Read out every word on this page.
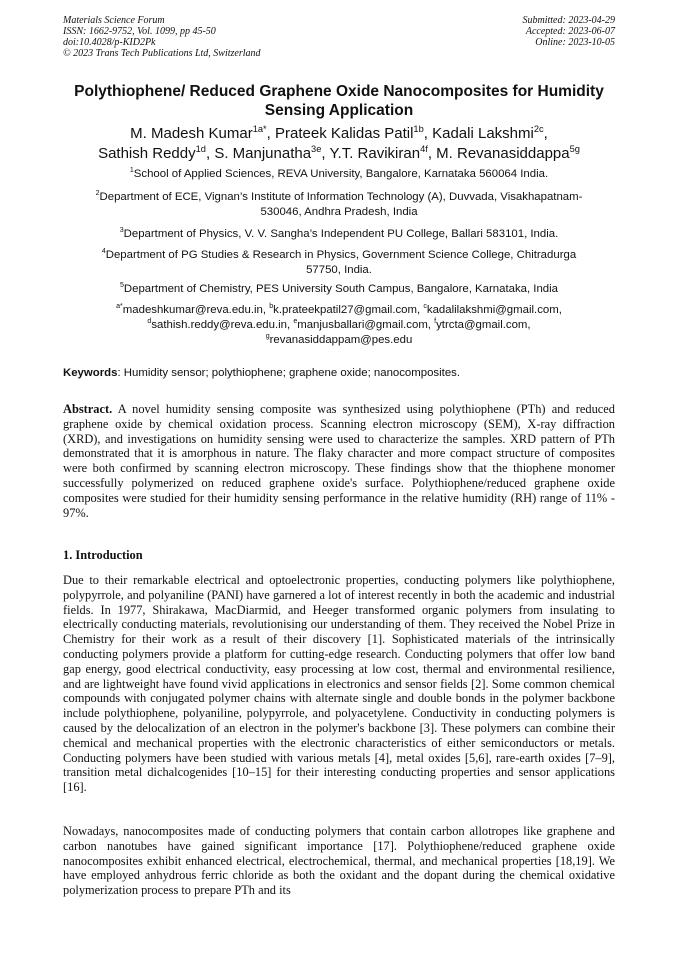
Materials Science Forum
ISSN: 1662-9752, Vol. 1099, pp 45-50
doi:10.4028/p-KID2Pk
© 2023 Trans Tech Publications Ltd, Switzerland
Submitted: 2023-04-29
Accepted: 2023-06-07
Online: 2023-10-05
Polythiophene/ Reduced Graphene Oxide Nanocomposites for Humidity
Sensing Application
M. Madesh Kumar$^{1a*}$, Prateek Kalidas Patil$^{1b}$, Kadali Lakshmi$^{2c}$,
Sathish Reddy$^{1d}$, S. Manjunatha$^{3e}$, Y.T. Ravikiran$^{4f}$, M. Revanasiddappa$^{5g}$
$^1$School of Applied Sciences, REVA University, Bangalore, Karnataka 560064 India.
$^2$Department of ECE, Vignan’s Institute of Information Technology (A), Duvvada, Visakhapatnam-
530046, Andhra Pradesh, India
$^3$Department of Physics, V. V. Sangha’s Independent PU College, Ballari 583101, India.
$^4$Department of PG Studies & Research in Physics, Government Science College, Chitradurga
57750, India.
$^5$Department of Chemistry, PES University South Campus, Bangalore, Karnataka, India
$^{a*}$madeshkumar@reva.edu.in, $^b$k.prateekpatil27@gmail.com, $^c$kadalilakshmi@gmail.com,
$^d$sathish.reddy@reva.edu.in, $^e$manjusballari@gmail.com, $^f$ytrcta@gmail.com,
$^g$revanasiddappam@pes.edu
Keywords: Humidity sensor; polythiophene; graphene oxide; nanocomposites.
Abstract. A novel humidity sensing composite was synthesized using polythiophene (PTh) and reduced graphene oxide by chemical oxidation process. Scanning electron microscopy (SEM), X-ray diffraction (XRD), and investigations on humidity sensing were used to characterize the samples. XRD pattern of PTh demonstrated that it is amorphous in nature. The flaky character and more compact structure of composites were both confirmed by scanning electron microscopy. These findings show that the thiophene monomer successfully polymerized on reduced graphene oxide's surface. Polythiophene/reduced graphene oxide composites were studied for their humidity sensing performance in the relative humidity (RH) range of 11% - 97%.
1. Introduction
Due to their remarkable electrical and optoelectronic properties, conducting polymers like polythiophene, polypyrrole, and polyaniline (PANI) have garnered a lot of interest recently in both the academic and industrial fields. In 1977, Shirakawa, MacDiarmid, and Heeger transformed organic polymers from insulating to electrically conducting materials, revolutionising our understanding of them. They received the Nobel Prize in Chemistry for their work as a result of their discovery [1]. Sophisticated materials of the intrinsically conducting polymers provide a platform for cutting-edge research. Conducting polymers that offer low band gap energy, good electrical conductivity, easy processing at low cost, thermal and environmental resilience, and are lightweight have found vivid applications in electronics and sensor fields [2]. Some common chemical compounds with conjugated polymer chains with alternate single and double bonds in the polymer backbone include polythiophene, polyaniline, polypyrrole, and polyacetylene. Conductivity in conducting polymers is caused by the delocalization of an electron in the polymer's backbone [3]. These polymers can combine their chemical and mechanical properties with the electronic characteristics of either semiconductors or metals. Conducting polymers have been studied with various metals [4], metal oxides [5,6], rare-earth oxides [7–9], transition metal dichalcogenides [10–15] for their interesting conducting properties and sensor applications [16].
Nowadays, nanocomposites made of conducting polymers that contain carbon allotropes like graphene and carbon nanotubes have gained significant importance [17]. Polythiophene/reduced graphene oxide nanocomposites exhibit enhanced electrical, electrochemical, thermal, and mechanical properties [18,19]. We have employed anhydrous ferric chloride as both the oxidant and the dopant during the chemical oxidative polymerization process to prepare PTh and its
